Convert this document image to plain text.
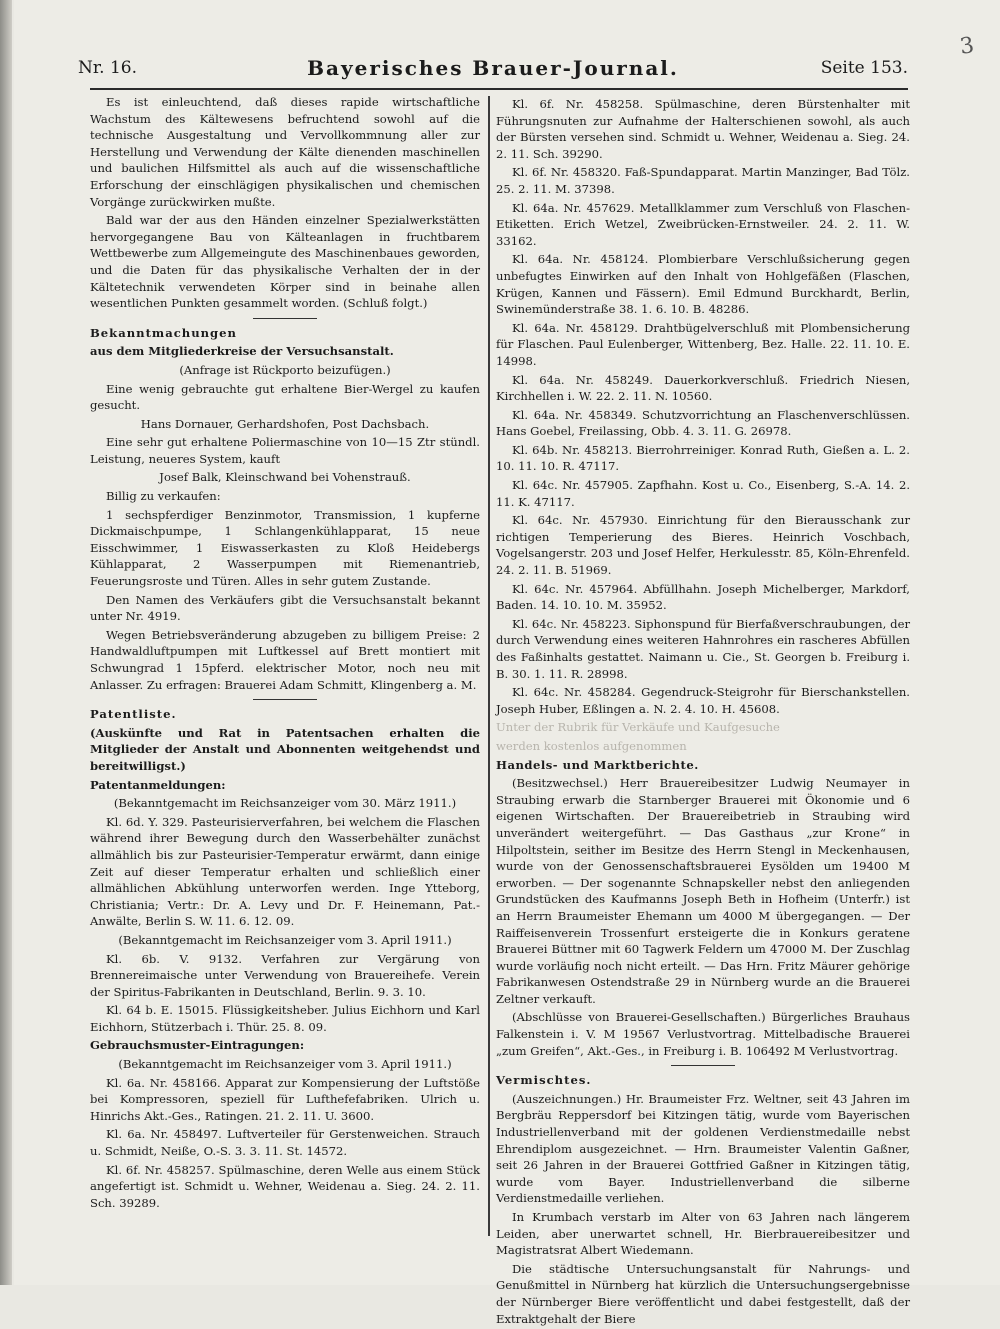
Nr. 16.	Bayerisches Brauer-Journal.	Seite 153.
3

Es ist einleuchtend, daß dieses rapide wirtschaftliche Wachstum des Kältewesens befruchtend sowohl auf die technische Ausgestaltung und Vervollkommnung aller zur Herstellung und Verwendung der Kälte dienenden maschinellen und baulichen Hilfsmittel als auch auf die wissenschaftliche Erforschung der einschlägigen physikalischen und chemischen Vorgänge zurückwirken mußte.

Bald war der aus den Händen einzelner Spezialwerkstätten hervorgegangene Bau von Kälteanlagen in fruchtbarem Wettbewerbe zum Allgemeingute des Maschinenbaues geworden, und die Daten für das physikalische Verhalten der in der Kältetechnik verwendeten Körper sind in beinahe allen wesentlichen Punkten gesammelt worden. (Schluß folgt.)

Bekanntmachungen

aus dem Mitgliederkreise der Versuchsanstalt.

(Anfrage ist Rückporto beizufügen.)

Eine wenig gebrauchte gut erhaltene Bier-Wergel zu kaufen gesucht.

Hans Dornauer, Gerhardshofen, Post Dachsbach.

Eine sehr gut erhaltene Poliermaschine von 10—15 Ztr stündl. Leistung, neueres System, kauft

Josef Balk, Kleinschwand bei Vohenstrauß.

Billig zu verkaufen:

1 sechspferdiger Benzinmotor, Transmission, 1 kupferne Dickmaischpumpe, 1 Schlangenkühlapparat, 15 neue Eisschwimmer, 1 Eiswasserkasten zu Kloß Heidebergs Kühlapparat, 2 Wasserpumpen mit Riemenantrieb, Feuerungsroste und Türen. Alles in sehr gutem Zustande.

Den Namen des Verkäufers gibt die Versuchsanstalt bekannt unter Nr. 4919.

Wegen Betriebsveränderung abzugeben zu billigem Preise: 2 Handwaldluftpumpen mit Luftkessel auf Brett montiert mit Schwungrad 1 15pferd. elektrischer Motor, noch neu mit Anlasser. Zu erfragen: Brauerei Adam Schmitt, Klingenberg a. M.

Patentliste.

(Auskünfte und Rat in Patentsachen erhalten die Mitglieder der Anstalt und Abonnenten weitgehendst und bereitwilligst.)

Patentanmeldungen:

(Bekanntgemacht im Reichsanzeiger vom 30. März 1911.)

Kl. 6d. Y. 329. Pasteurisierverfahren, bei welchem die Flaschen während ihrer Bewegung durch den Wasserbehälter zunächst allmählich bis zur Pasteurisier-Temperatur erwärmt, dann einige Zeit auf dieser Temperatur erhalten und schließlich einer allmählichen Abkühlung unterworfen werden. Inge Ytteborg, Christiania; Vertr.: Dr. A. Levy und Dr. F. Heinemann, Pat.-Anwälte, Berlin S. W. 11. 6. 12. 09.

(Bekanntgemacht im Reichsanzeiger vom 3. April 1911.)

Kl. 6b. V. 9132. Verfahren zur Vergärung von Brennereimaische unter Verwendung von Brauereihefe. Verein der Spiritus-Fabrikanten in Deutschland, Berlin. 9. 3. 10.

Kl. 64 b. E. 15015. Flüssigkeitsheber. Julius Eichhorn und Karl Eichhorn, Stützerbach i. Thür. 25. 8. 09.

Gebrauchsmuster-Eintragungen:

(Bekanntgemacht im Reichsanzeiger vom 3. April 1911.)

Kl. 6a. Nr. 458166. Apparat zur Kompensierung der Luftstöße bei Kompressoren, speziell für Lufthefefabriken. Ulrich u. Hinrichs Akt.-Ges., Ratingen. 21. 2. 11. U. 3600.

Kl. 6a. Nr. 458497. Luftverteiler für Gerstenweichen. Strauch u. Schmidt, Neiße, O.-S. 3. 3. 11. St. 14572.

Kl. 6f. Nr. 458257. Spülmaschine, deren Welle aus einem Stück angefertigt ist. Schmidt u. Wehner, Weidenau a. Sieg. 24. 2. 11. Sch. 39289.

Kl. 6f. Nr. 458258. Spülmaschine, deren Bürstenhalter mit Führungsnuten zur Aufnahme der Halterschienen sowohl, als auch der Bürsten versehen sind. Schmidt u. Wehner, Weidenau a. Sieg. 24. 2. 11. Sch. 39290.

Kl. 6f. Nr. 458320. Faß-Spundapparat. Martin Manzinger, Bad Tölz. 25. 2. 11. M. 37398.

Kl. 64a. Nr. 457629. Metallklammer zum Verschluß von Flaschen-Etiketten. Erich Wetzel, Zweibrücken-Ernstweiler. 24. 2. 11. W. 33162.

Kl. 64a. Nr. 458124. Plombierbare Verschlußsicherung gegen unbefugtes Einwirken auf den Inhalt von Hohlgefäßen (Flaschen, Krügen, Kannen und Fässern). Emil Edmund Burckhardt, Berlin, Swinemünderstraße 38. 1. 6. 10. B. 48286.

Kl. 64a. Nr. 458129. Drahtbügelverschluß mit Plombensicherung für Flaschen. Paul Eulenberger, Wittenberg, Bez. Halle. 22. 11. 10. E. 14998.

Kl. 64a. Nr. 458249. Dauerkorkverschluß. Friedrich Niesen, Kirchhellen i. W. 22. 2. 11. N. 10560.

Kl. 64a. Nr. 458349. Schutzvorrichtung an Flaschenverschlüssen. Hans Goebel, Freilassing, Obb. 4. 3. 11. G. 26978.

Kl. 64b. Nr. 458213. Bierrohrreiniger. Konrad Ruth, Gießen a. L. 2. 10. 11. 10. R. 47117.

Kl. 64c. Nr. 457905. Zapfhahn. Kost u. Co., Eisenberg, S.-A. 14. 2. 11. K. 47117.

Kl. 64c. Nr. 457930. Einrichtung für den Bierausschank zur richtigen Temperierung des Bieres. Heinrich Voschbach, Vogelsangerstr. 203 und Josef Helfer, Herkulesstr. 85, Köln-Ehrenfeld. 24. 2. 11. B. 51969.

Kl. 64c. Nr. 457964. Abfüllhahn. Joseph Michelberger, Markdorf, Baden. 14. 10. 10. M. 35952.

Kl. 64c. Nr. 458223. Siphonspund für Bierfaßverschraubungen, der durch Verwendung eines weiteren Hahnrohres ein rascheres Abfüllen des Faßinhalts gestattet. Naimann u. Cie., St. Georgen b. Freiburg i. B. 30. 1. 11. R. 28998.

Kl. 64c. Nr. 458284. Gegendruck-Steigrohr für Bierschankstellen. Joseph Huber, Eßlingen a. N. 2. 4. 10. H. 45608.

Unter der Rubrik für Verkäufe und Kaufgesuche

werden kostenlos aufgenommen

Handels- und Marktberichte.

(Besitzwechsel.) Herr Brauereibesitzer Ludwig Neumayer in Straubing erwarb die Starnberger Brauerei mit Ökonomie und 6 eigenen Wirtschaften. Der Brauereibetrieb in Straubing wird unverändert weitergeführt. — Das Gasthaus „zur Krone“ in Hilpoltstein, seither im Besitze des Herrn Stengl in Meckenhausen, wurde von der Genossenschaftsbrauerei Eysölden um 19400 M erworben. — Der sogenannte Schnapskeller nebst den anliegenden Grundstücken des Kaufmanns Joseph Beth in Hofheim (Unterfr.) ist an Herrn Braumeister Ehemann um 4000 M übergegangen. — Der Raiffeisenverein Trossenfurt ersteigerte die in Konkurs geratene Brauerei Büttner mit 60 Tagwerk Feldern um 47000 M. Der Zuschlag wurde vorläufig noch nicht erteilt. — Das Hrn. Fritz Mäurer gehörige Fabrikanwesen Ostendstraße 29 in Nürnberg wurde an die Brauerei Zeltner verkauft.

(Abschlüsse von Brauerei-Gesellschaften.) Bürgerliches Brauhaus Falkenstein i. V. M 19567 Verlustvortrag. Mittelbadische Brauerei „zum Greifen“, Akt.-Ges., in Freiburg i. B. 106492 M Verlustvortrag.

Vermischtes.

(Auszeichnungen.) Hr. Braumeister Frz. Weltner, seit 43 Jahren im Bergbräu Reppersdorf bei Kitzingen tätig, wurde vom Bayerischen Industriellenverband mit der goldenen Verdienstmedaille nebst Ehrendiplom ausgezeichnet. — Hrn. Braumeister Valentin Gaßner, seit 26 Jahren in der Brauerei Gottfried Gaßner in Kitzingen tätig, wurde vom Bayer. Industriellenverband die silberne Verdienstmedaille verliehen.

In Krumbach verstarb im Alter von 63 Jahren nach längerem Leiden, aber unerwartet schnell, Hr. Bierbrauereibesitzer und Magistratsrat Albert Wiedemann.

Die städtische Untersuchungsanstalt für Nahrungs- und Genußmittel in Nürnberg hat kürzlich die Untersuchungsergebnisse der Nürnberger Biere veröffentlicht und dabei festgestellt, daß der Extraktgehalt der Biere
